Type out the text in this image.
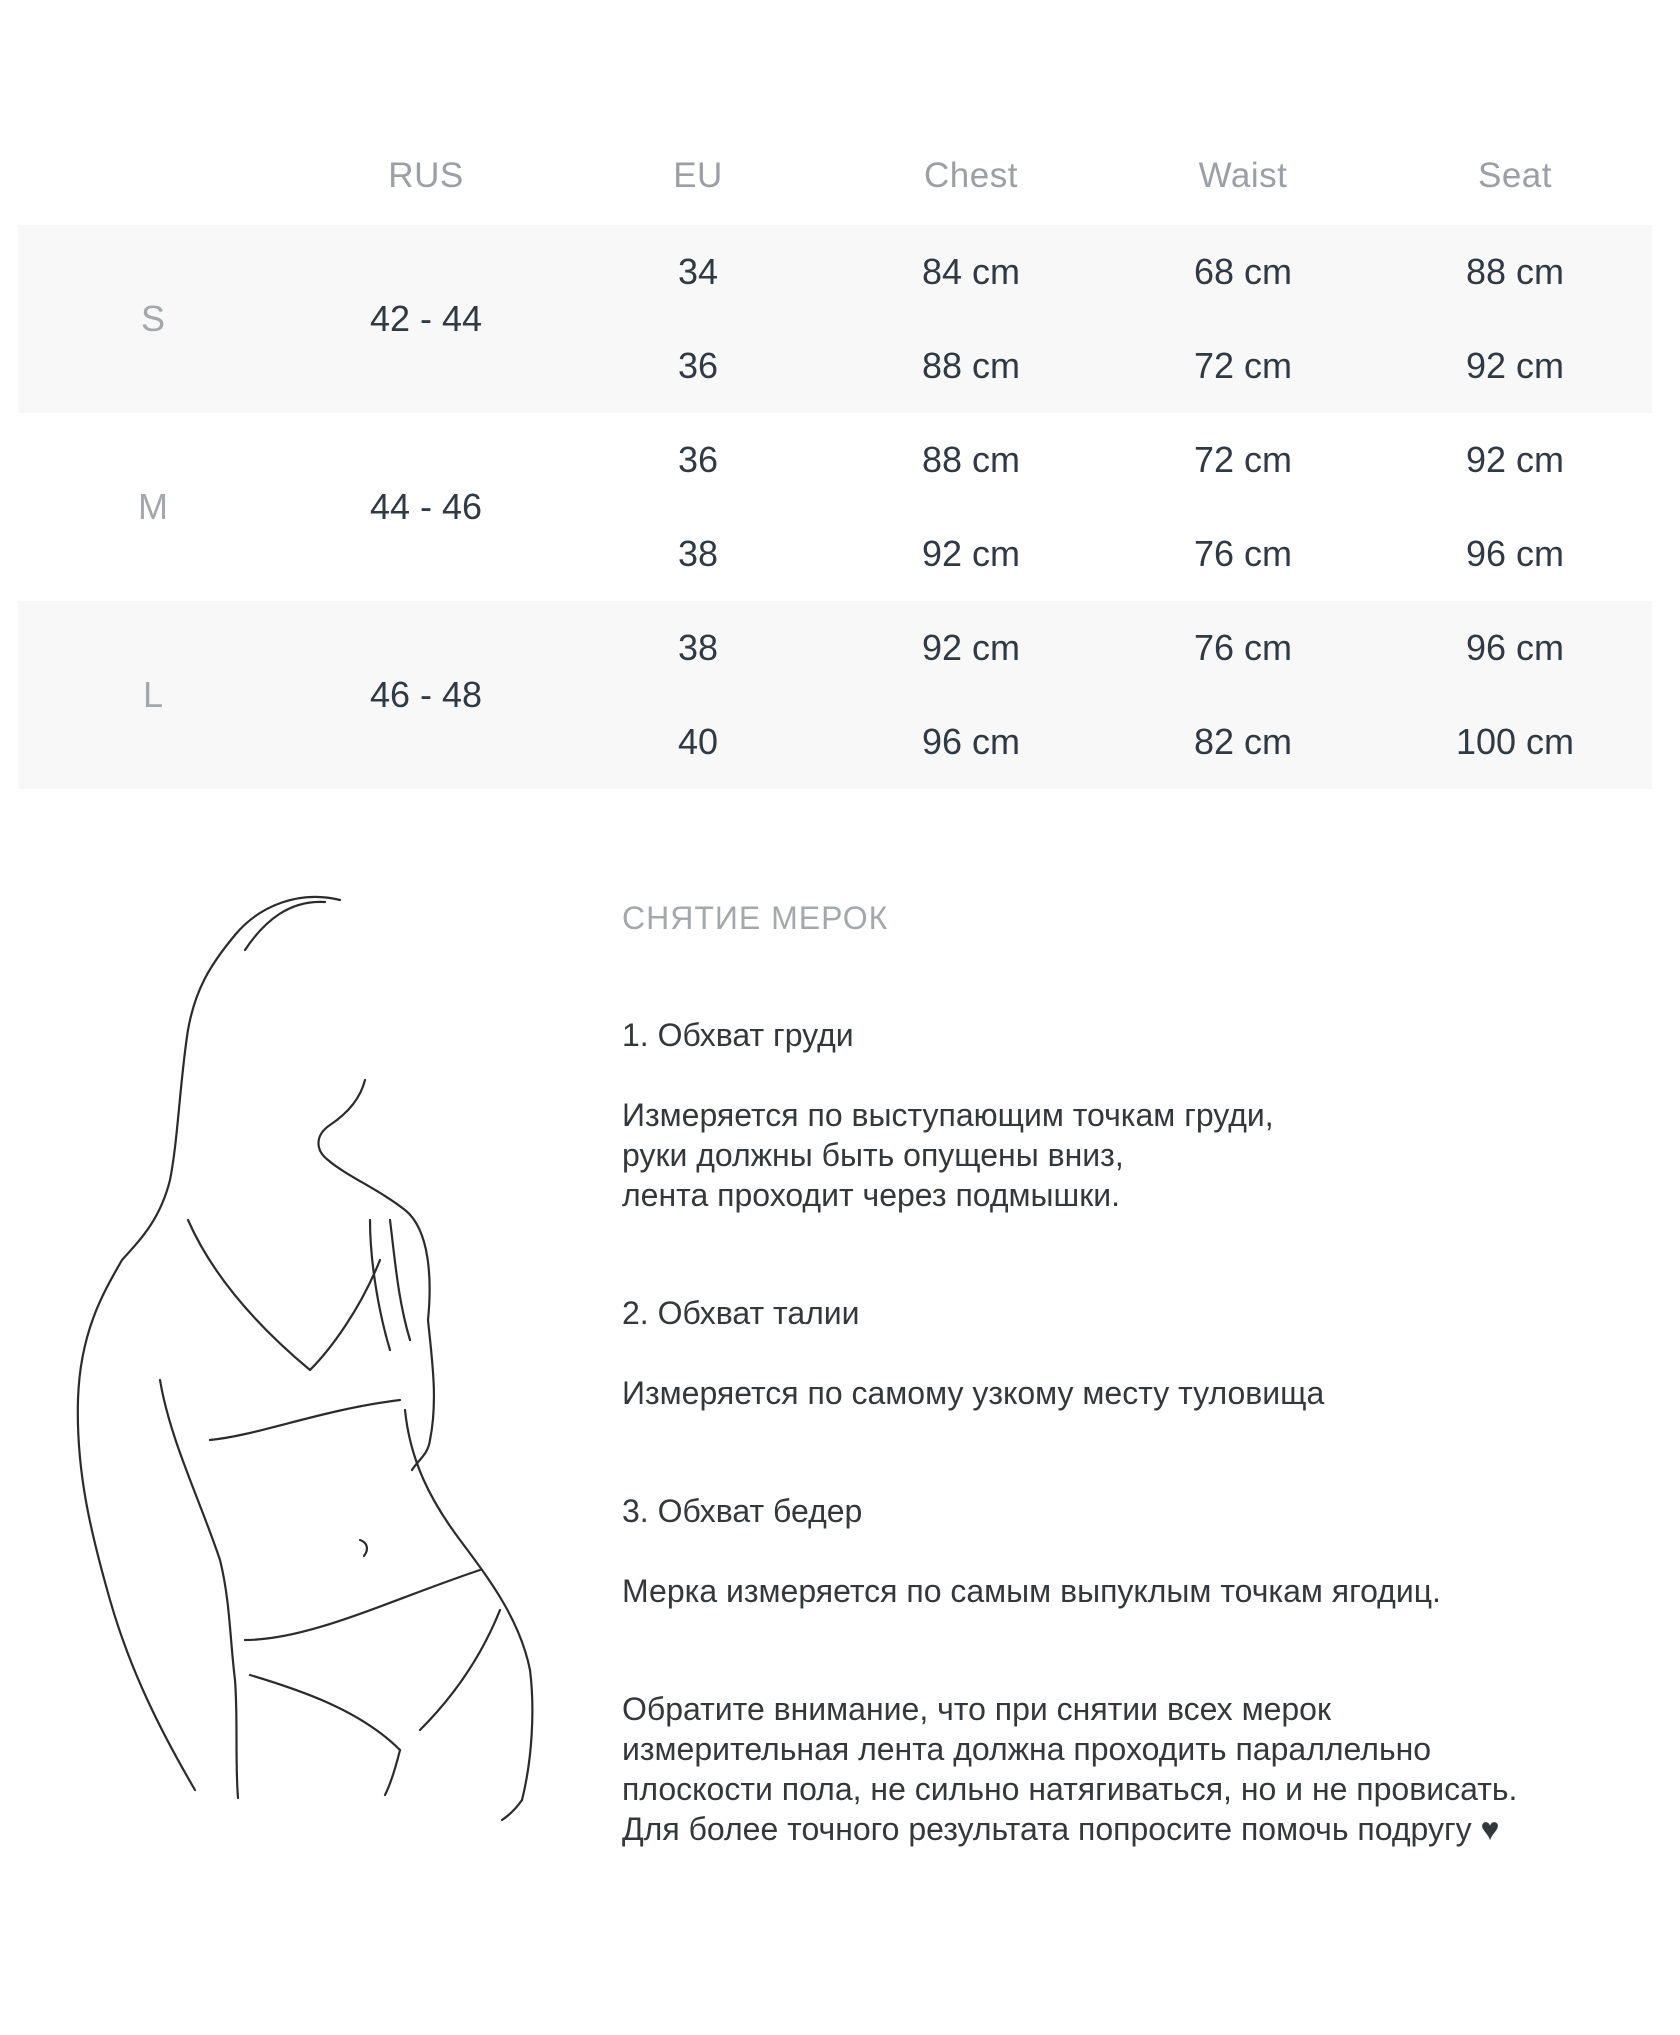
RUS	EU	Chest	Waist	Seat
S	42 - 44
34	84 cm	68 cm	88 cm
36	88 cm	72 cm	92 cm
M	44 - 46
36	88 cm	72 cm	92 cm
38	92 cm	76 cm	96 cm
L	46 - 48
38	92 cm	76 cm	96 cm
40	96 cm	82 cm	100 cm

СНЯТИЕ МЕРОК

1. Обхват груди

Измеряется по выступающим точкам груди,
руки должны быть опущены вниз,
лента проходит через подмышки.

2. Обхват талии

Измеряется по самому узкому месту туловища

3. Обхват бедер

Мерка измеряется по самым выпуклым точкам ягодиц.

Обратите внимание, что при снятии всех мерок
измерительная лента должна проходить параллельно
плоскости пола, не сильно натягиваться, но и не провисать.
Для более точного результата попросите помочь подругу ♥
